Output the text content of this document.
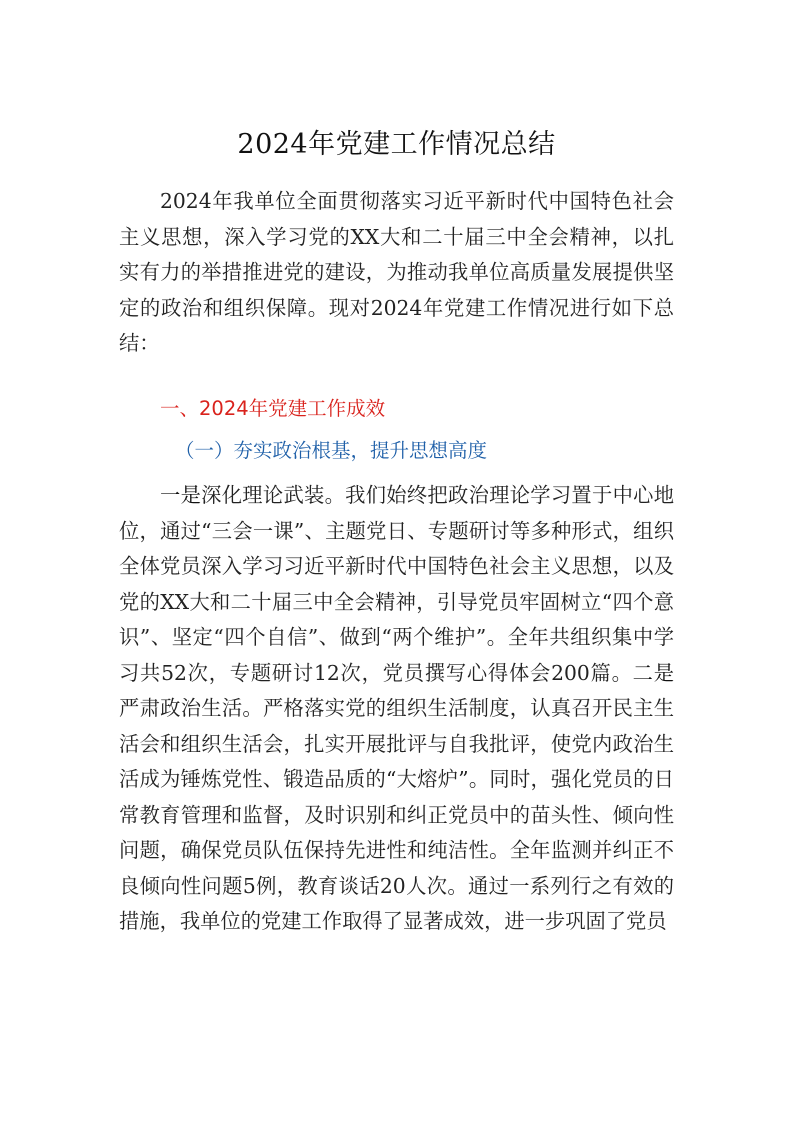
2024年党建工作情况总结

2024年我单位全面贯彻落实习近平新时代中国特色社会主义思想，深入学习党的XX大和二十届三中全会精神，以扎实有力的举措推进党的建设，为推动我单位高质量发展提供坚定的政治和组织保障。现对2024年党建工作情况进行如下总结：

一、2024年党建工作成效

（一）夯实政治根基，提升思想高度

一是深化理论武装。我们始终把政治理论学习置于中心地位，通过“三会一课”、主题党日、专题研讨等多种形式，组织全体党员深入学习习近平新时代中国特色社会主义思想，以及党的XX大和二十届三中全会精神，引导党员牢固树立“四个意识”、坚定“四个自信”、做到“两个维护”。全年共组织集中学习共52次，专题研讨12次，党员撰写心得体会200篇。二是严肃政治生活。严格落实党的组织生活制度，认真召开民主生活会和组织生活会，扎实开展批评与自我批评，使党内政治生活成为锤炼党性、锻造品质的“大熔炉”。同时，强化党员的日常教育管理和监督，及时识别和纠正党员中的苗头性、倾向性问题，确保党员队伍保持先进性和纯洁性。全年监测并纠正不良倾向性问题5例，教育谈话20人次。通过一系列行之有效的措施，我单位的党建工作取得了显著成效，进一步巩固了党员
